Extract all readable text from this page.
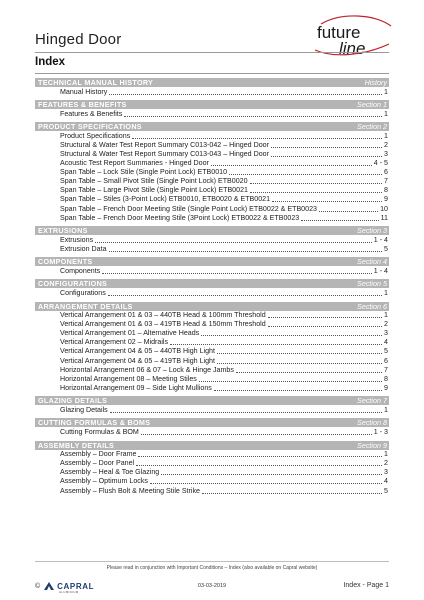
Hinged Door	future
line
Index
TECHNICAL MANUAL HISTORY	History
Manual History	1
FEATURES & BENEFITS	Section 1
Features & Benefits	1
PRODUCT SPECIFICATIONS	Section 2
Product Specifications	1
Structural & Water Test Report Summary C013-042 – Hinged Door	2
Structural & Water Test Report Summary C013-043 – Hinged Door	3
Acoustic Test Report Summaries - Hinged Door	4 - 5
Span Table – Lock Stile (Single Point Lock) ETB0010	6
Span Table – Small Pivot Stile (Single Point Lock) ETB0020	7
Span Table – Large Pivot Stile (Single Point Lock) ETB0021	8
Span Table – Stiles (3-Point Lock) ETB0010, ETB0020 & ETB0021	9
Span Table – French Door Meeting Stile (Single Point Lock) ETB0022 & ETB0023	10
Span Table – French Door Meeting Stile (3Point Lock) ETB0022 & ETB0023	11
EXTRUSIONS	Section 3
Extrusions	1 - 4
Extrusion Data	5
COMPONENTS	Section 4
Components	1 - 4
CONFIGURATIONS	Section 5
Configurations	1
ARRANGEMENT DETAILS	Section 6
Vertical Arrangement 01 & 03 – 440TB Head & 100mm Threshold	1
Vertical Arrangement 01 & 03 – 419TB Head & 150mm Threshold	2
Vertical Arrangement 01 – Alternative Heads	3
Vertical Arrangement 02 – Midrails	4
Vertical Arrangement 04 & 05 – 440TB High Light	5
Vertical Arrangement 04 & 05 – 419TB High Light	6
Horizontal Arrangement 06 & 07 – Lock & Hinge Jambs	7
Horizontal Arrangement 08 – Meeting Stiles	8
Horizontal Arrangement 09 – Side Light Mullions	9
GLAZING DETAILS	Section 7
Glazing Details	1
CUTTING FORMULAS & BOMS	Section 8
Cutting Formulas & BOM	1 - 3
ASSEMBLY DETAILS	Section 9
Assembly – Door Frame	1
Assembly – Door Panel	2
Assembly – Heal & Toe Glazing	3
Assembly – Optimum Locks	4
Assembly – Flush Bolt & Meeting Stile Strike	5
Please read in conjunction with Important Conditions – Index (also available on Capral website)
© CAPRAL
ALUMINIUM
03-03-2019	Index - Page 1
